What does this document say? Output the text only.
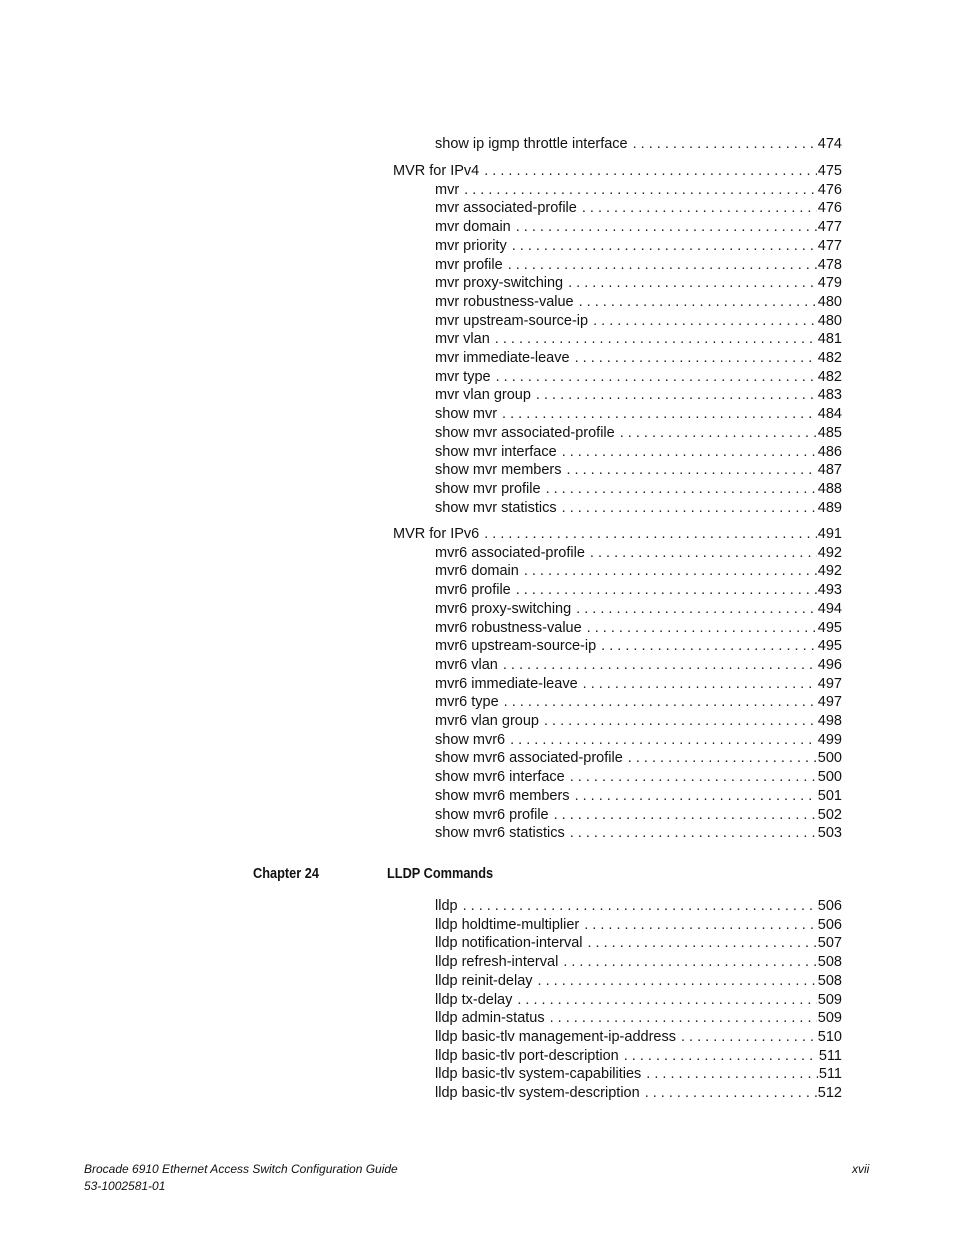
show ip igmp throttle interface . . .	474
MVR for IPv4 . . .	475
mvr . . .	476
mvr associated-profile . . .	476
mvr domain . . .	477
mvr priority . . .	477
mvr profile . . .	478
mvr proxy-switching . . .	479
mvr robustness-value . . .	480
mvr upstream-source-ip . . .	480
mvr vlan . . .	481
mvr immediate-leave . . .	482
mvr type . . .	482
mvr vlan group . . .	483
show mvr . . .	484
show mvr associated-profile . . .	485
show mvr interface . . .	486
show mvr members . . .	487
show mvr profile . . .	488
show mvr statistics . . .	489
MVR for IPv6 . . .	491
mvr6 associated-profile . . .	492
mvr6 domain . . .	492
mvr6 profile . . .	493
mvr6 proxy-switching . . .	494
mvr6 robustness-value . . .	495
mvr6 upstream-source-ip . . .	495
mvr6 vlan . . .	496
mvr6 immediate-leave . . .	497
mvr6 type . . .	497
mvr6 vlan group . . .	498
show mvr6 . . .	499
show mvr6 associated-profile . . .	500
show mvr6 interface . . .	500
show mvr6 members . . .	501
show mvr6 profile . . .	502
show mvr6 statistics . . .	503
lldp . . .	506
lldp holdtime-multiplier . . .	506
lldp notification-interval . . .	507
lldp refresh-interval . . .	508
lldp reinit-delay . . .	508
lldp tx-delay . . .	509
lldp admin-status . . .	509
lldp basic-tlv management-ip-address . . .	510
lldp basic-tlv port-description . . .	511
lldp basic-tlv system-capabilities . . .	511
lldp basic-tlv system-description . . .	512
Chapter 24	LLDP Commands
Brocade 6910 Ethernet Access Switch Configuration Guide
53-1002581-01
xvii
